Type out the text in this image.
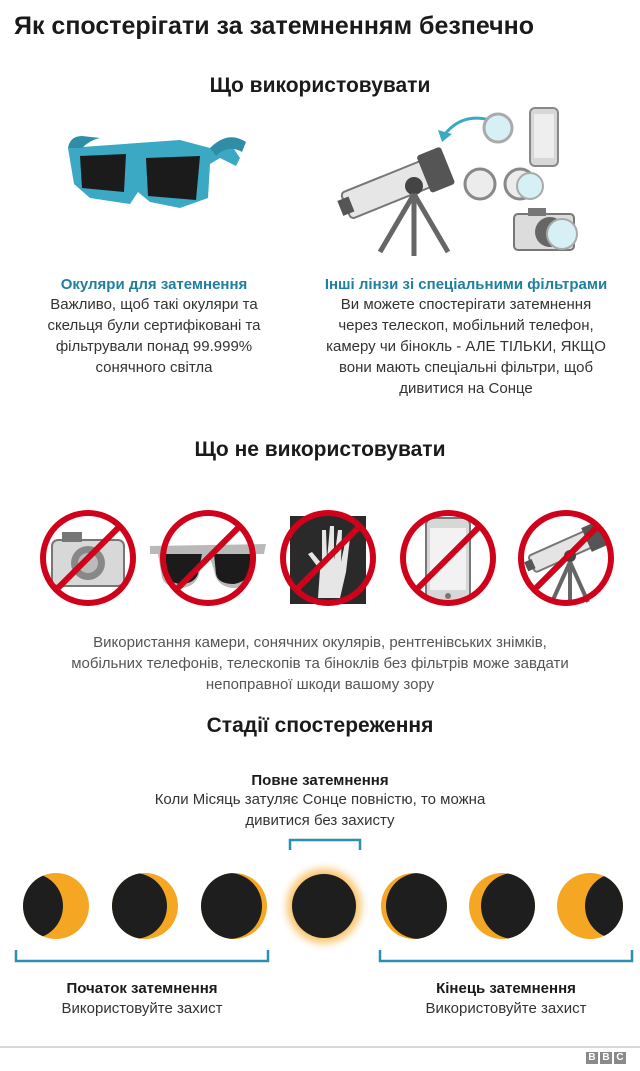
Як спостерігати за затемненням безпечно
Що використовувати
Окуляри для затемнення
Важливо, щоб такі окуляри та
скельця були сертифіковані та
фільтрували понад 99.999%
сонячного світла
Інші лінзи зі спеціальними фільтрами
Ви можете спостерігати затемнення
через телескоп, мобільний телефон,
камеру чи бінокль - АЛЕ ТІЛЬКИ, ЯКЩО
вони мають спеціальні фільтри, щоб
дивитися на Сонце
Що не використовувати
Використання камери, сонячних окулярів, рентгенівських знімків,
мобільних телефонів, телескопів та біноклів без фільтрів може завдати
непоправної шкоди вашому зору
Стадії спостереження
Повне затемнення
Коли Місяць затуляє Сонце повністю, то можна
дивитися без захисту
Початок затемнення
Використовуйте захист
Кінець затемнення
Використовуйте захист
B B C
